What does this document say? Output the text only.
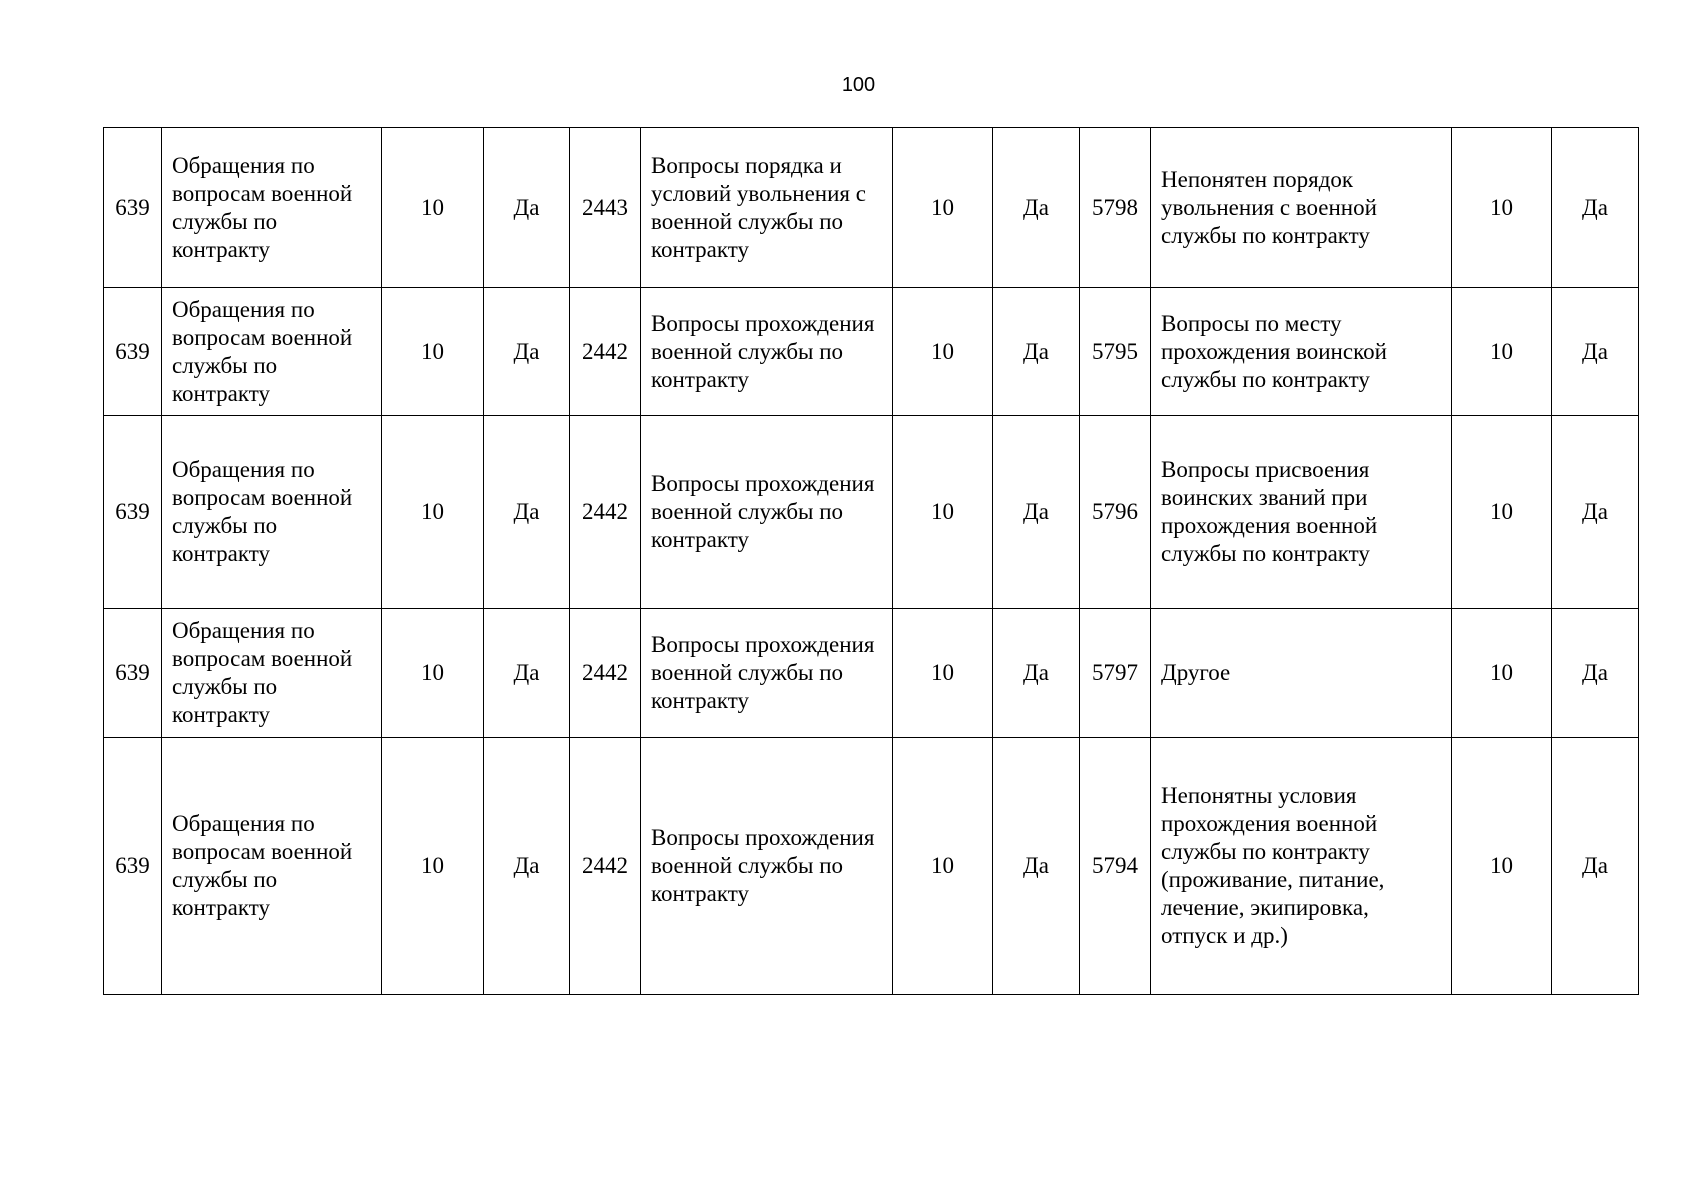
100
639	Обращения по вопросам военной службы по контракту	10	Да	2443	Вопросы порядка и условий увольнения с военной службы по контракту	10	Да	5798	Непонятен порядок увольнения с военной службы по контракту	10	Да
639	Обращения по вопросам военной службы по контракту	10	Да	2442	Вопросы прохождения военной службы по контракту	10	Да	5795	Вопросы по месту прохождения воинской службы по контракту	10	Да
639	Обращения по вопросам военной службы по контракту	10	Да	2442	Вопросы прохождения военной службы по контракту	10	Да	5796	Вопросы присвоения воинских званий при прохождения военной службы по контракту	10	Да
639	Обращения по вопросам военной службы по контракту	10	Да	2442	Вопросы прохождения военной службы по контракту	10	Да	5797	Другое	10	Да
639	Обращения по вопросам военной службы по контракту	10	Да	2442	Вопросы прохождения военной службы по контракту	10	Да	5794	Непонятны условия прохождения военной службы по контракту (проживание, питание, лечение, экипировка, отпуск и др.)	10	Да
